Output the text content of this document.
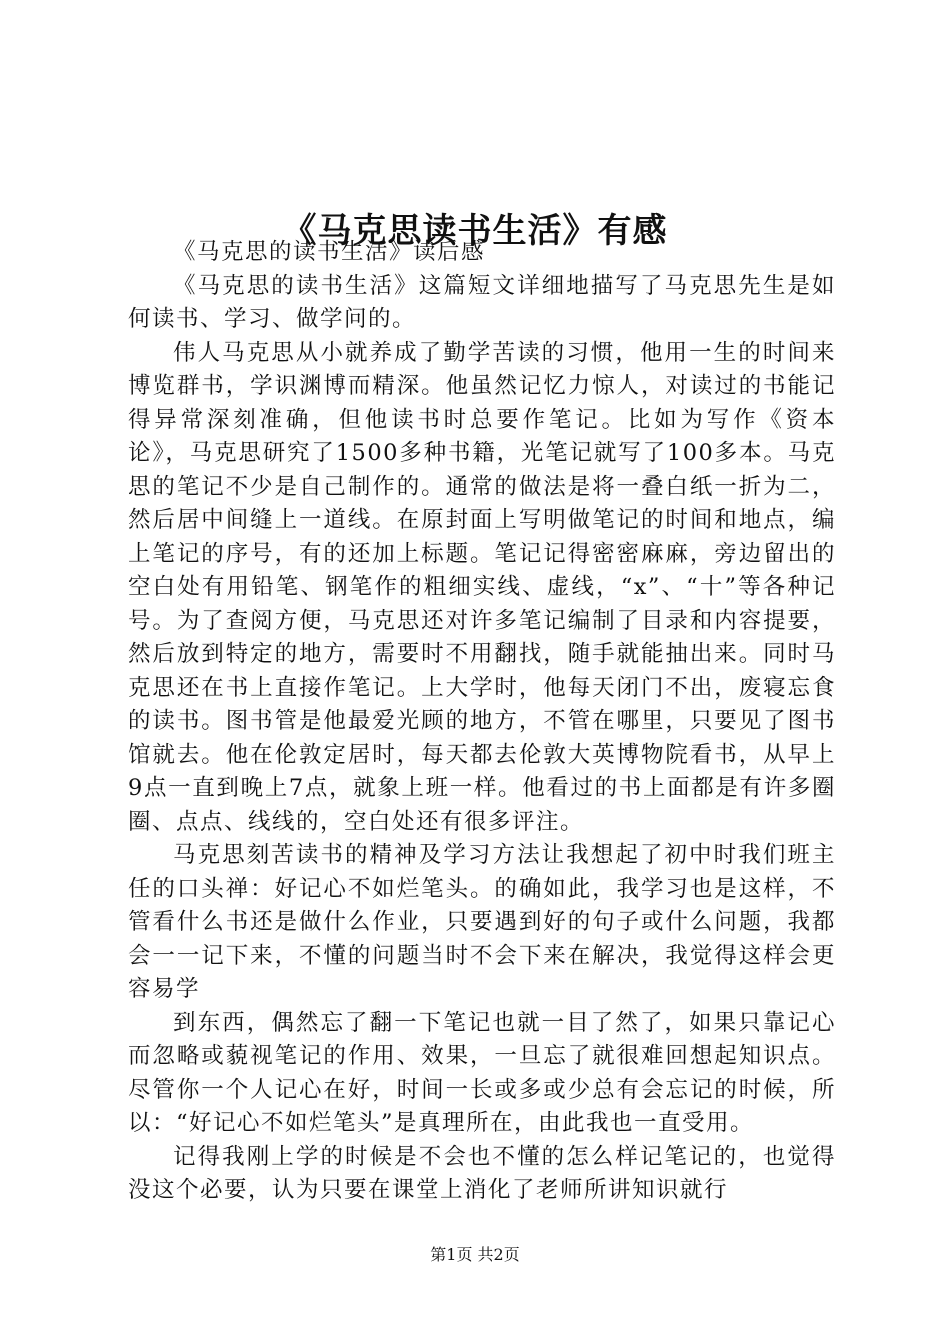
《马克思读书生活》有感

《马克思的读书生活》读后感

《马克思的读书生活》这篇短文详细地描写了马克思先生是如何读书、学习、做学问的。

伟人马克思从小就养成了勤学苦读的习惯，他用一生的时间来博览群书，学识渊博而精深。他虽然记忆力惊人，对读过的书能记得异常深刻准确，但他读书时总要作笔记。比如为写作《资本论》，马克思研究了1500多种书籍，光笔记就写了100多本。马克思的笔记不少是自己制作的。通常的做法是将一叠白纸一折为二，然后居中间缝上一道线。在原封面上写明做笔记的时间和地点，编上笔记的序号，有的还加上标题。笔记记得密密麻麻，旁边留出的空白处有用铅笔、钢笔作的粗细实线、虚线，“x”、“十”等各种记号。为了查阅方便，马克思还对许多笔记编制了目录和内容提要，然后放到特定的地方，需要时不用翻找，随手就能抽出来。同时马克思还在书上直接作笔记。上大学时，他每天闭门不出，废寝忘食的读书。图书管是他最爱光顾的地方，不管在哪里，只要见了图书馆就去。他在伦敦定居时，每天都去伦敦大英博物院看书，从早上9点一直到晚上7点，就象上班一样。他看过的书上面都是有许多圈圈、点点、线线的，空白处还有很多评注。

马克思刻苦读书的精神及学习方法让我想起了初中时我们班主任的口头禅：好记心不如烂笔头。的确如此，我学习也是这样，不管看什么书还是做什么作业，只要遇到好的句子或什么问题，我都会一一记下来，不懂的问题当时不会下来在解决，我觉得这样会更容易学

到东西，偶然忘了翻一下笔记也就一目了然了，如果只靠记心而忽略或藐视笔记的作用、效果，一旦忘了就很难回想起知识点。尽管你一个人记心在好，时间一长或多或少总有会忘记的时候，所以：“好记心不如烂笔头”是真理所在，由此我也一直受用。

记得我刚上学的时候是不会也不懂的怎么样记笔记的，也觉得没这个必要，认为只要在课堂上消化了老师所讲知识就行

第1页 共2页
